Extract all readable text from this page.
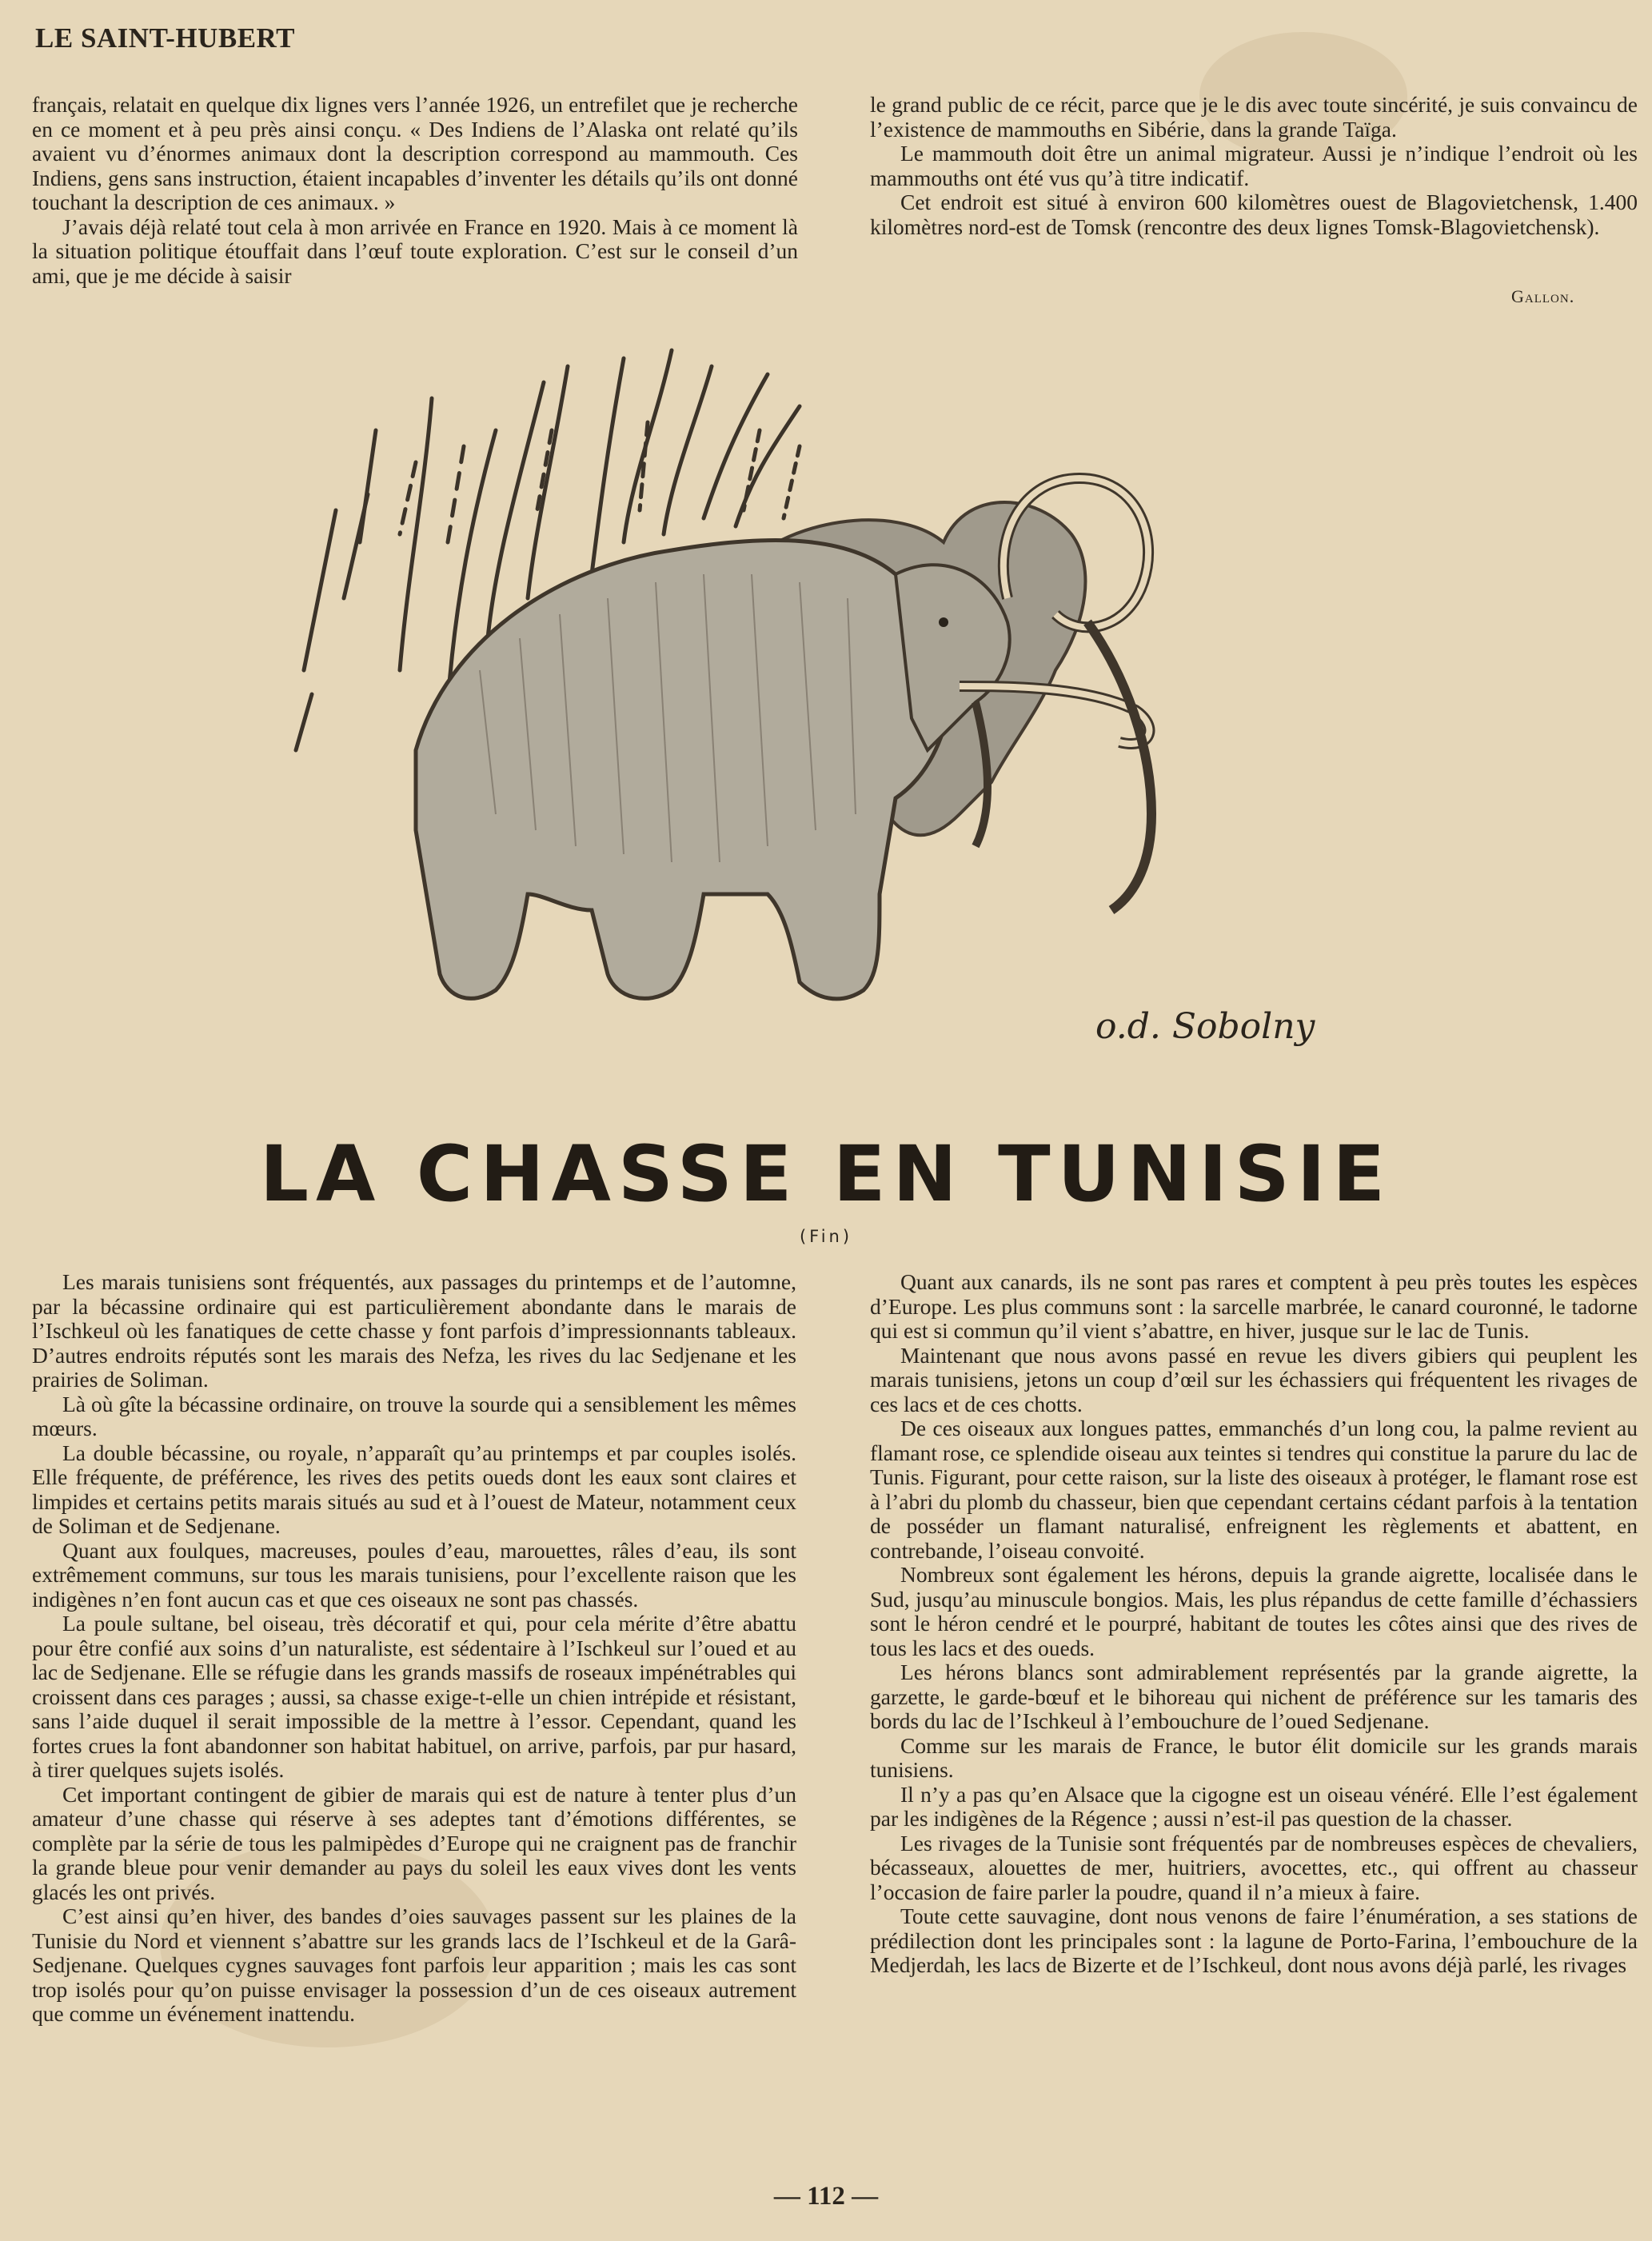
LE SAINT-HUBERT

français, relatait en quelque dix lignes vers l’année 1926, un entrefilet que je recherche en ce moment et à peu près ainsi conçu. « Des Indiens de l’Alaska ont relaté qu’ils avaient vu d’énormes animaux dont la description correspond au mammouth. Ces Indiens, gens sans instruction, étaient incapables d’inventer les détails qu’ils ont donné touchant la description de ces animaux. »

J’avais déjà relaté tout cela à mon arrivée en France en 1920. Mais à ce moment là la situation politique étouffait dans l’œuf toute exploration. C’est sur le conseil d’un ami, que je me décide à saisir

le grand public de ce récit, parce que je le dis avec toute sincérité, je suis convaincu de l’existence de mammouths en Sibérie, dans la grande Taïga.

Le mammouth doit être un animal migrateur. Aussi je n’indique l’endroit où les mammouths ont été vus qu’à titre indicatif.

Cet endroit est situé à environ 600 kilomètres ouest de Blagovietchensk, 1.400 kilomètres nord-est de Tomsk (rencontre des deux lignes Tomsk-Blagovietchensk).

Gallon.
o.d. Sobolny
LA CHASSE EN TUNISIE
(Fin)

Les marais tunisiens sont fréquentés, aux passages du printemps et de l’automne, par la bécassine ordinaire qui est particulièrement abondante dans le marais de l’Ischkeul où les fanatiques de cette chasse y font parfois d’impressionnants tableaux. D’autres endroits réputés sont les marais des Nefza, les rives du lac Sedjenane et les prairies de Soliman.

Là où gîte la bécassine ordinaire, on trouve la sourde qui a sensiblement les mêmes mœurs.

La double bécassine, ou royale, n’apparaît qu’au printemps et par couples isolés. Elle fréquente, de préférence, les rives des petits oueds dont les eaux sont claires et limpides et certains petits marais situés au sud et à l’ouest de Mateur, notamment ceux de Soliman et de Sedjenane.

Quant aux foulques, macreuses, poules d’eau, marouettes, râles d’eau, ils sont extrêmement communs, sur tous les marais tunisiens, pour l’excellente raison que les indigènes n’en font aucun cas et que ces oiseaux ne sont pas chassés.

La poule sultane, bel oiseau, très décoratif et qui, pour cela mérite d’être abattu pour être confié aux soins d’un naturaliste, est sédentaire à l’Ischkeul sur l’oued et au lac de Sedjenane. Elle se réfugie dans les grands massifs de roseaux impénétrables qui croissent dans ces parages ; aussi, sa chasse exige-t-elle un chien intrépide et résistant, sans l’aide duquel il serait impossible de la mettre à l’essor. Cependant, quand les fortes crues la font abandonner son habitat habituel, on arrive, parfois, par pur hasard, à tirer quelques sujets isolés.

Cet important contingent de gibier de marais qui est de nature à tenter plus d’un amateur d’une chasse qui réserve à ses adeptes tant d’émotions différentes, se complète par la série de tous les palmipèdes d’Europe qui ne craignent pas de franchir la grande bleue pour venir demander au pays du soleil les eaux vives dont les vents glacés les ont privés.

C’est ainsi qu’en hiver, des bandes d’oies sauvages passent sur les plaines de la Tunisie du Nord et viennent s’abattre sur les grands lacs de l’Ischkeul et de la Garâ-Sedjenane. Quelques cygnes sauvages font parfois leur apparition ; mais les cas sont trop isolés pour qu’on puisse envisager la possession d’un de ces oiseaux autrement que comme un événement inattendu.

Quant aux canards, ils ne sont pas rares et comptent à peu près toutes les espèces d’Europe. Les plus communs sont : la sarcelle marbrée, le canard couronné, le tadorne qui est si commun qu’il vient s’abattre, en hiver, jusque sur le lac de Tunis.

Maintenant que nous avons passé en revue les divers gibiers qui peuplent les marais tunisiens, jetons un coup d’œil sur les échassiers qui fréquentent les rivages de ces lacs et de ces chotts.

De ces oiseaux aux longues pattes, emmanchés d’un long cou, la palme revient au flamant rose, ce splendide oiseau aux teintes si tendres qui constitue la parure du lac de Tunis. Figurant, pour cette raison, sur la liste des oiseaux à protéger, le flamant rose est à l’abri du plomb du chasseur, bien que cependant certains cédant parfois à la tentation de posséder un flamant naturalisé, enfreignent les règlements et abattent, en contrebande, l’oiseau convoité.

Nombreux sont également les hérons, depuis la grande aigrette, localisée dans le Sud, jusqu’au minuscule bongios. Mais, les plus répandus de cette famille d’échassiers sont le héron cendré et le pourpré, habitant de toutes les côtes ainsi que des rives de tous les lacs et des oueds.

Les hérons blancs sont admirablement représentés par la grande aigrette, la garzette, le garde-bœuf et le bihoreau qui nichent de préférence sur les tamaris des bords du lac de l’Ischkeul à l’embouchure de l’oued Sedjenane.

Comme sur les marais de France, le butor élit domicile sur les grands marais tunisiens.

Il n’y a pas qu’en Alsace que la cigogne est un oiseau vénéré. Elle l’est également par les indigènes de la Régence ; aussi n’est-il pas question de la chasser.

Les rivages de la Tunisie sont fréquentés par de nombreuses espèces de chevaliers, bécasseaux, alouettes de mer, huitriers, avocettes, etc., qui offrent au chasseur l’occasion de faire parler la poudre, quand il n’a mieux à faire.

Toute cette sauvagine, dont nous venons de faire l’énumération, a ses stations de prédilection dont les principales sont : la lagune de Porto-Farina, l’embouchure de la Medjerdah, les lacs de Bizerte et de l’Ischkeul, dont nous avons déjà parlé, les rivages

— 112 —
